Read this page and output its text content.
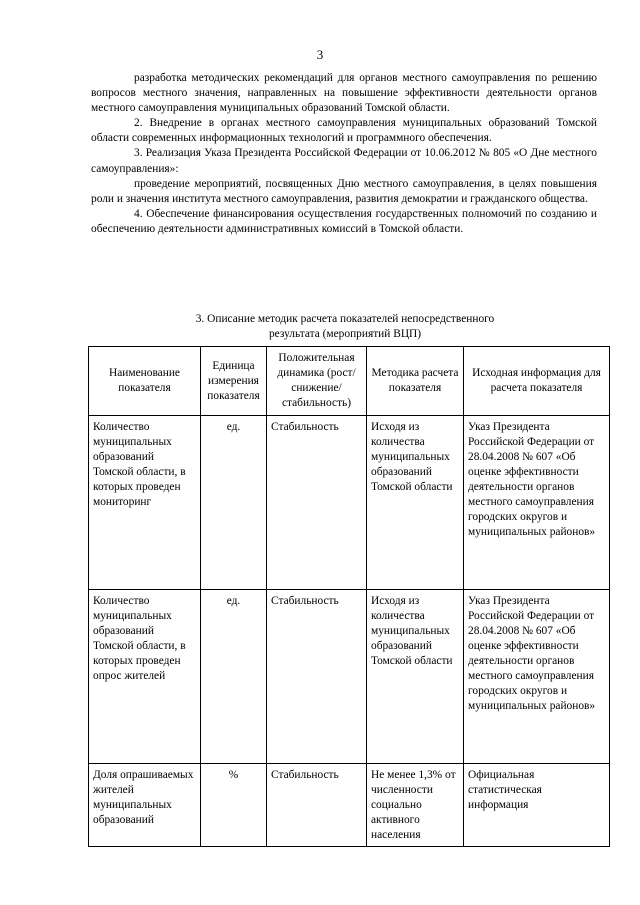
3

разработка методических рекомендаций для органов местного самоуправления по решению вопросов местного значения, направленных на повышение эффективности деятельности органов местного самоуправления муниципальных образований Томской области.

2. Внедрение в органах местного самоуправления муниципальных образований Томской области современных информационных технологий и программного обеспечения.

3. Реализация Указа Президента Российской Федерации от 10.06.2012 № 805 «О Дне местного самоуправления»:

проведение мероприятий, посвященных Дню местного самоуправления, в целях повышения роли и значения института местного самоуправления, развития демократии и гражданского общества.

4. Обеспечение финансирования осуществления государственных полномочий по созданию и обеспечению деятельности административных комиссий в Томской области.

3. Описание методик расчета показателей непосредственного
результата (мероприятий ВЦП)
Наименование показателя	Единица измерения показателя	Положительная динамика (рост/снижение/ стабильность)	Методика расчета показателя	Исходная информация для расчета показателя
Количество муниципальных образований Томской области, в которых проведен мониторинг	ед.	Стабильность	Исходя из количества муниципальных образований Томской области	Указ Президента Российской Федерации от 28.04.2008 № 607 «Об оценке эффективности деятельности органов местного самоуправления городских округов и муниципальных районов»
Количество муниципальных образований Томской области, в которых проведен опрос жителей	ед.	Стабильность	Исходя из количества муниципальных образований Томской области	Указ Президента Российской Федерации от 28.04.2008 № 607 «Об оценке эффективности деятельности органов местного самоуправления городских округов и муниципальных районов»
Доля опрашиваемых жителей муниципальных образований	%	Стабильность	Не менее 1,3% от численности социально активного населения	Официальная статистическая информация
